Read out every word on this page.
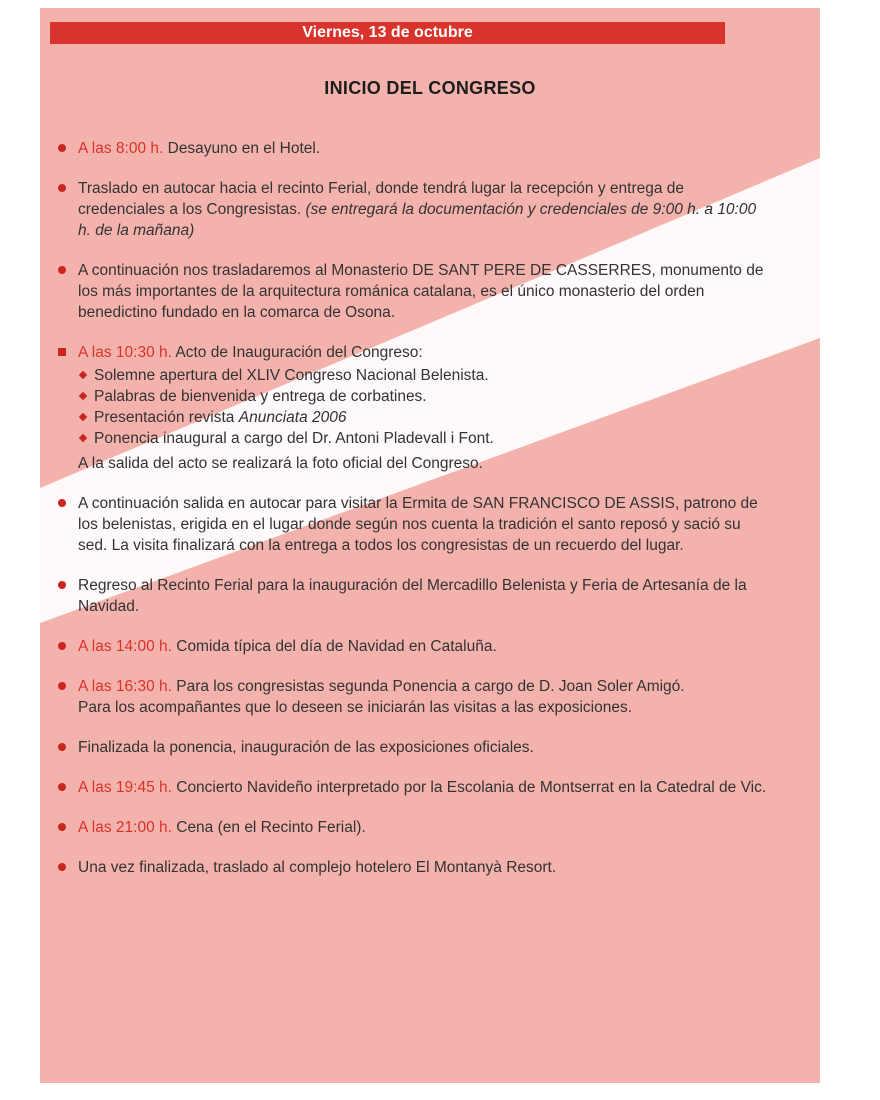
Viernes, 13 de octubre
INICIO DEL CONGRESO
A las 8:00 h. Desayuno en el Hotel.
Traslado en autocar hacia el recinto Ferial, donde tendrá lugar la recepción y entrega de credenciales a los Congresistas. (se entregará la documentación y credenciales de 9:00 h. a 10:00 h. de la mañana)
A continuación nos trasladaremos al Monasterio DE SANT PERE DE CASSERRES, monumento de los más importantes de la arquitectura románica catalana, es el único monasterio del orden benedictino fundado en la comarca de Osona.
A las 10:30 h. Acto de Inauguración del Congreso:
Solemne apertura del XLIV Congreso Nacional Belenista.
Palabras de bienvenida y entrega de corbatines.
Presentación revista Anunciata 2006
Ponencia inaugural a cargo del Dr. Antoni Pladevall i Font.
A la salida del acto se realizará la foto oficial del Congreso.
A continuación salida en autocar para visitar la Ermita de SAN FRANCISCO DE ASSIS, patrono de los belenistas, erigida en el lugar donde según nos cuenta la tradición el santo reposó y sació su sed. La visita finalizará con la entrega a todos los congresistas de un recuerdo del lugar.
Regreso al Recinto Ferial para la inauguración del Mercadillo Belenista y Feria de Artesanía de la Navidad.
A las 14:00 h. Comida típica del día de Navidad en Cataluña.
A las 16:30 h. Para los congresistas segunda Ponencia a cargo de D. Joan Soler Amigó.
Para los acompañantes que lo deseen se iniciarán las visitas a las exposiciones.
Finalizada la ponencia, inauguración de las exposiciones oficiales.
A las 19:45 h. Concierto Navideño interpretado por la Escolania de Montserrat en la Catedral de Vic.
A las 21:00 h. Cena (en el Recinto Ferial).
Una vez finalizada, traslado al complejo hotelero El Montanyà Resort.
